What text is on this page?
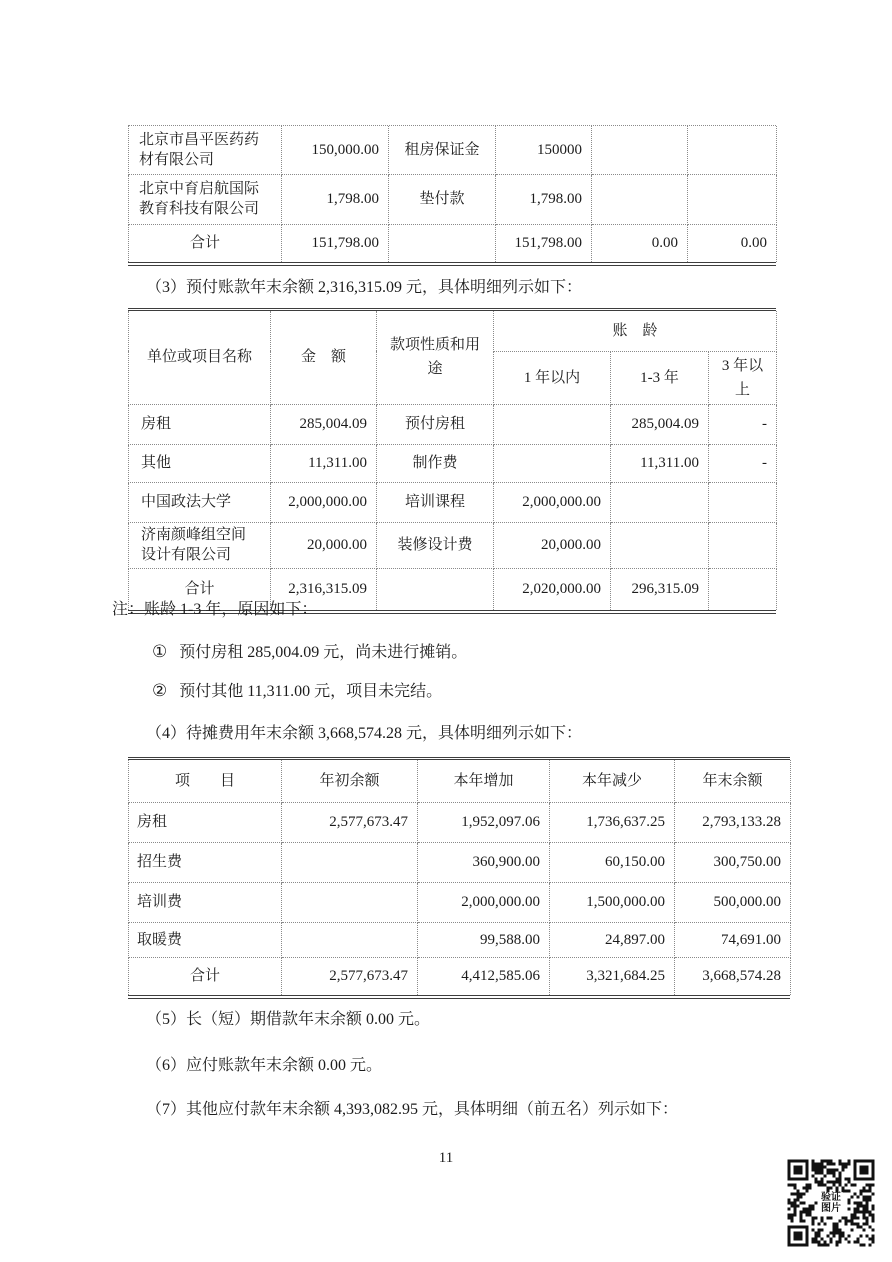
北京市昌平医药药材有限公司	150,000.00	租房保证金	150000		
北京中育启航国际教育科技有限公司	1,798.00	垫付款	1,798.00		
合计	151,798.00		151,798.00	0.00	0.00

（3）预付账款年末余额 2,316,315.09 元，具体明细列示如下：

单位或项目名称	金　额	款项性质和用途	账　龄		
			1 年以内	1-3 年	3 年以上
房租	285,004.09	预付房租		285,004.09	-
其他	11,311.00	制作费		11,311.00	-
中国政法大学	2,000,000.00	培训课程	2,000,000.00		
济南颜峰组空间设计有限公司	20,000.00	装修设计费	20,000.00		
合计	2,316,315.09		2,020,000.00	296,315.09	

注：账龄 1-3 年，原因如下：

① 预付房租 285,004.09 元，尚未进行摊销。

② 预付其他 11,311.00 元，项目未完结。

（4）待摊费用年末余额 3,668,574.28 元，具体明细列示如下：

项　　目	年初余额	本年增加	本年减少	年末余额
房租	2,577,673.47	1,952,097.06	1,736,637.25	2,793,133.28
招生费		360,900.00	60,150.00	300,750.00
培训费		2,000,000.00	1,500,000.00	500,000.00
取暖费		99,588.00	24,897.00	74,691.00
合计	2,577,673.47	4,412,585.06	3,321,684.25	3,668,574.28

（5）长（短）期借款年末余额 0.00 元。

（6）应付账款年末余额 0.00 元。

（7）其他应付款年末余额 4,393,082.95 元，具体明细（前五名）列示如下：

11
验证图片
